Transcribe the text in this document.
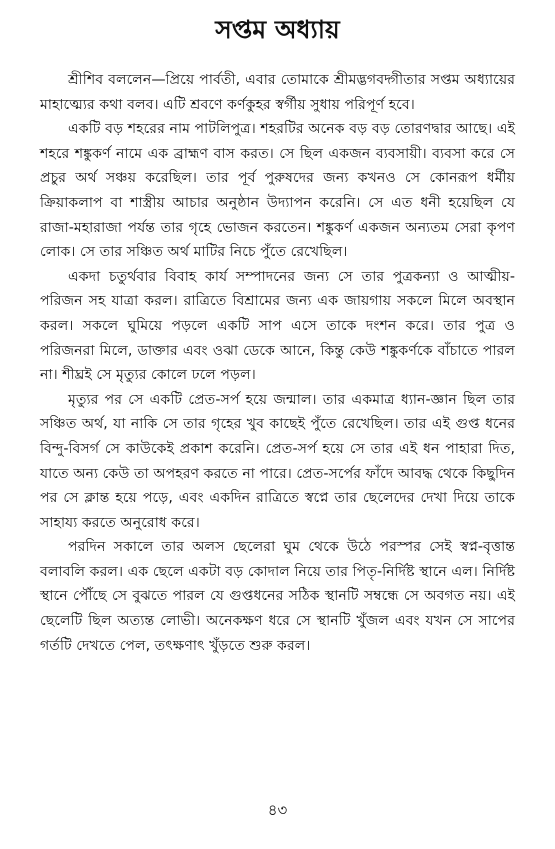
সপ্তম অধ্যায়

শ্রীশিব বললেন—প্রিয়ে পার্বতী, এবার তোমাকে শ্রীমদ্ভগবদ্গীতার সপ্তম অধ্যায়ের মাহাত্ম্যের কথা বলব। এটি শ্রবণে কর্ণকুহর স্বর্গীয় সুধায় পরিপূর্ণ হবে।

একটি বড় শহরের নাম পাটলিপুত্র। শহরটির অনেক বড় বড় তোরণদ্বার আছে। এই শহরে শঙ্কুকর্ণ নামে এক ব্রাহ্মণ বাস করত। সে ছিল একজন ব্যবসায়ী। ব্যবসা করে সে প্রচুর অর্থ সঞ্চয় করেছিল। তার পূর্ব পুরুষদের জন্য কখনও সে কোনরূপ ধর্মীয় ক্রিয়াকলাপ বা শাস্ত্রীয় আচার অনুষ্ঠান উদ্যাপন করেনি। সে এত ধনী হয়েছিল যে রাজা-মহারাজা পর্যন্ত তার গৃহে ভোজন করতেন। শঙ্কুকর্ণ একজন অন্যতম সেরা কৃপণ লোক। সে তার সঞ্চিত অর্থ মাটির নিচে পুঁতে রেখেছিল।

একদা চতুর্থবার বিবাহ কার্য সম্পাদনের জন্য সে তার পুত্রকন্যা ও আত্মীয়-পরিজন সহ যাত্রা করল। রাত্রিতে বিশ্রামের জন্য এক জায়গায় সকলে মিলে অবস্থান করল। সকলে ঘুমিয়ে পড়লে একটি সাপ এসে তাকে দংশন করে। তার পুত্র ও পরিজনরা মিলে, ডাক্তার এবং ওঝা ডেকে আনে, কিন্তু কেউ শঙ্কুকর্ণকে বাঁচাতে পারল না। শীঘ্রই সে মৃত্যুর কোলে ঢলে পড়ল।

মৃত্যুর পর সে একটি প্রেত-সর্প হয়ে জন্মাল। তার একমাত্র ধ্যান-জ্ঞান ছিল তার সঞ্চিত অর্থ, যা নাকি সে তার গৃহের খুব কাছেই পুঁতে রেখেছিল। তার এই গুপ্ত ধনের বিন্দু-বিসর্গ সে কাউকেই প্রকাশ করেনি। প্রেত-সর্প হয়ে সে তার এই ধন পাহারা দিত, যাতে অন্য কেউ তা অপহরণ করতে না পারে। প্রেত-সর্পের ফাঁদে আবদ্ধ থেকে কিছুদিন পর সে ক্লান্ত হয়ে পড়ে, এবং একদিন রাত্রিতে স্বপ্নে তার ছেলেদের দেখা দিয়ে তাকে সাহায্য করতে অনুরোধ করে।

পরদিন সকালে তার অলস ছেলেরা ঘুম থেকে উঠে পরস্পর সেই স্বপ্ন-বৃত্তান্ত বলাবলি করল। এক ছেলে একটা বড় কোদাল নিয়ে তার পিতৃ-নির্দিষ্ট স্থানে এল। নির্দিষ্ট স্থানে পৌঁছে সে বুঝতে পারল যে গুপ্তধনের সঠিক স্থানটি সম্বন্ধে সে অবগত নয়। এই ছেলেটি ছিল অত্যন্ত লোভী। অনেকক্ষণ ধরে সে স্থানটি খুঁজল এবং যখন সে সাপের গর্তটি দেখতে পেল, তৎক্ষণাৎ খুঁড়তে শুরু করল।

৪৩
